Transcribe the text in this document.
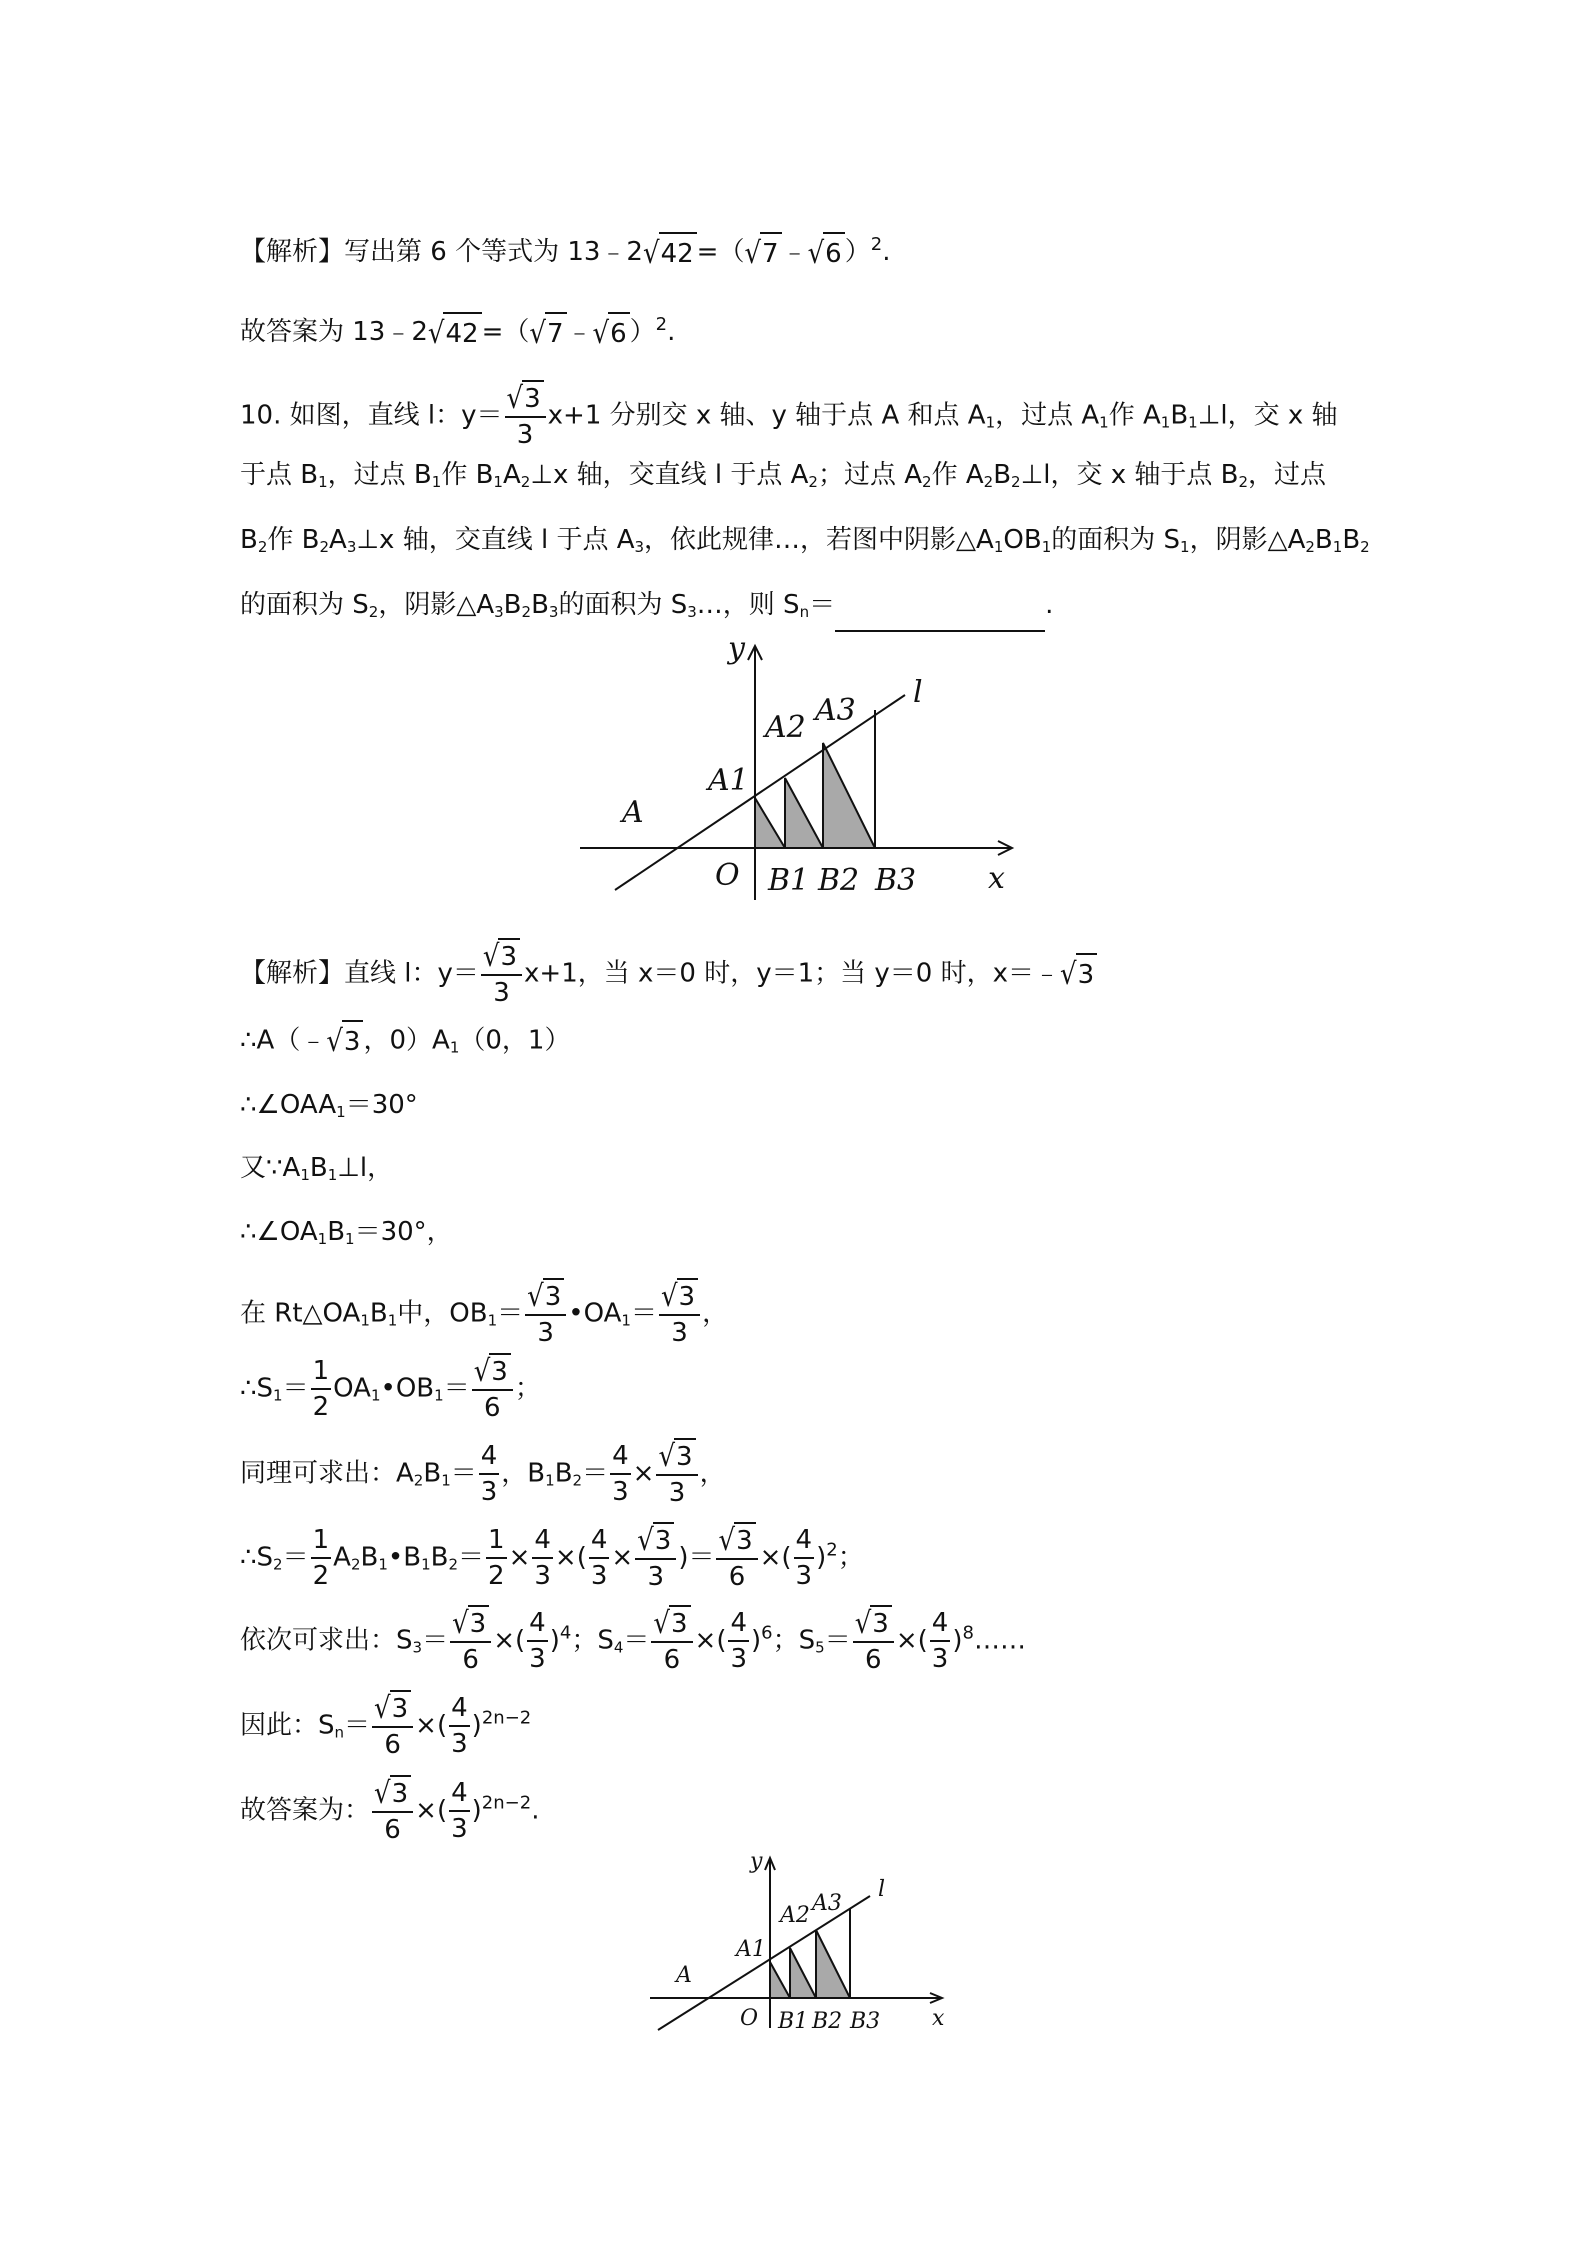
【解析】写出第 6 个等式为 13﹣2√42 =（√7 ﹣√6 ）$^2$.
故答案为 13﹣2√42 =（√7 ﹣√6 ）$^2$.
10. 如图，直线 l：$y= \frac{√3}{3} x+1$ 分别交 x 轴、y 轴于点 A 和点 $A_1$，过点 $A_1$作 $A_1B_1\perp l$，交 x 轴
于点 $B_1$，过点 $B_1$作 $B_1A_2\perp x$ 轴，交直线 l 于点 $A_2$；过点 $A_2$作 $A_2B_2\perp l$，交 x 轴于点 $B_2$，过点
$B_2$作 $B_2A_3\perp x$ 轴，交直线 l 于点 $A_3$，依此规律…，若图中阴影$\triangle A_1OB_1$的面积为 $S_1$，阴影$\triangle A_2B_1B_2$
的面积为 $S_2$，阴影$\triangle A_3B_2B_3$的面积为 $S_3\dots$，则 $S_n=$	.
y
l
A
A1
A2 A3
O B1 B2 B3 x
【解析】直线 l：$y= \frac{√3}{3} x+1$，当 x＝0 时，y＝1；当 y＝0 时，x＝﹣√3
∴A（﹣√3 ，$0)A_1(0$，1）
$\therefore\angle OAA_1=30^\circ$
又$\because A_1B_1\perp l$，
$\therefore\angle OA_1B_1=30^\circ$，
在 $Rt\triangle OA_1B_1$中，$OB_1= \frac{√3}{3}$ $•OA_1= \frac{√3}{3}$ ，
$\therefore S_1= \frac{1}{2}$ $OA_1•OB_1= \frac{√3}{6}$ ；
同理可求出：$A_2B_1= \frac{4}{3}$ ，$B_1B_2= \frac{4}{3} \times \frac{√3}{3}$ ，
$\therefore S_2= \frac{1}{2}$ $A_2B_1•B_1B_2= \frac{1}{2} \times \frac{4}{3}$ ×( $\frac{4}{3} \times \frac{√3}{3}$ )＝ $\frac{√3}{6}$ ×( $\frac{4}{3} )^2$；
依次可求出：$S_3= \frac{√3}{6}$ ×( $\frac{4}{3} )^4$；$S_4= \frac{√3}{6}$ ×( $\frac{4}{3} )^6$；$S_5= \frac{√3}{6}$ ×( $\frac{4}{3}$ )$^8$……
因此：$S_n= \frac{√3}{6}$ ×( $\frac{4}{3} )^{2n-2}$
故答案为： $\frac{√3}{6}$ ×( $\frac{4}{3} )^{2n-2}$.
y
l
A
A1
A2 A3
O B1 B2 B3 x
